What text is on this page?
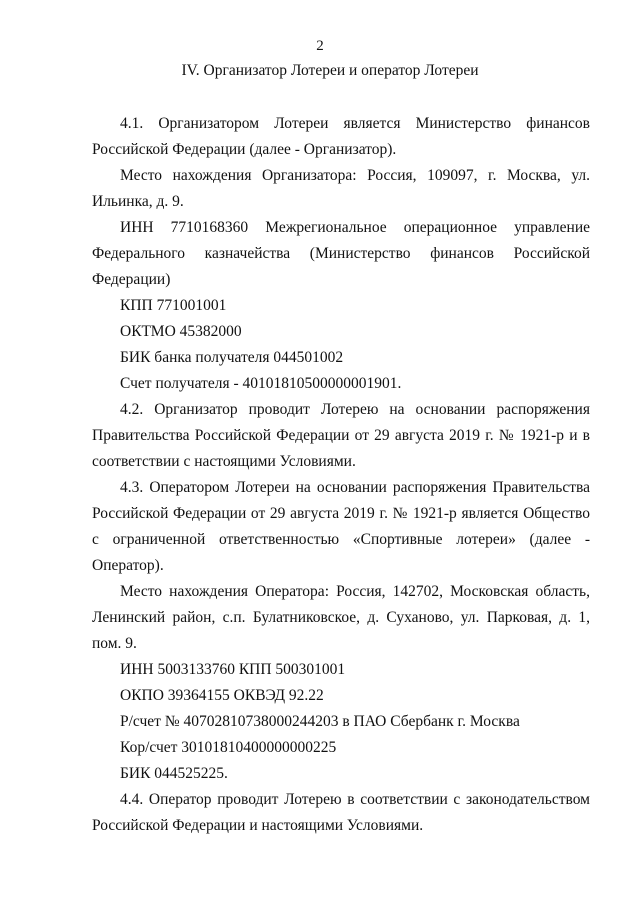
2
IV. Организатор Лотереи и оператор Лотереи

4.1. Организатором Лотереи является Министерство финансов Российской Федерации (далее - Организатор).

Место нахождения Организатора: Россия, 109097, г. Москва, ул. Ильинка, д. 9.

ИНН 7710168360 Межрегиональное операционное управление

Федерального казначейства (Министерство финансов Российской

Федерации)

КПП 771001001

ОКТМО 45382000

БИК банка получателя 044501002

Счет получателя - 40101810500000001901.

4.2. Организатор проводит Лотерею на основании распоряжения Правительства Российской Федерации от 29 августа 2019 г. № 1921-р и в соответствии с настоящими Условиями.

4.3. Оператором Лотереи на основании распоряжения Правительства Российской Федерации от 29 августа 2019 г. № 1921-р является Общество с ограниченной ответственностью «Спортивные лотереи» (далее - Оператор).

Место нахождения Оператора: Россия, 142702, Московская область, Ленинский район, с.п. Булатниковское, д. Суханово, ул. Парковая, д. 1, пом. 9.

ИНН 5003133760 КПП 500301001

ОКПО 39364155 ОКВЭД 92.22

Р/счет № 40702810738000244203 в ПАО Сбербанк г. Москва

Кор/счет 30101810400000000225

БИК 044525225.

4.4. Оператор проводит Лотерею в соответствии с законодательством Российской Федерации и настоящими Условиями.
